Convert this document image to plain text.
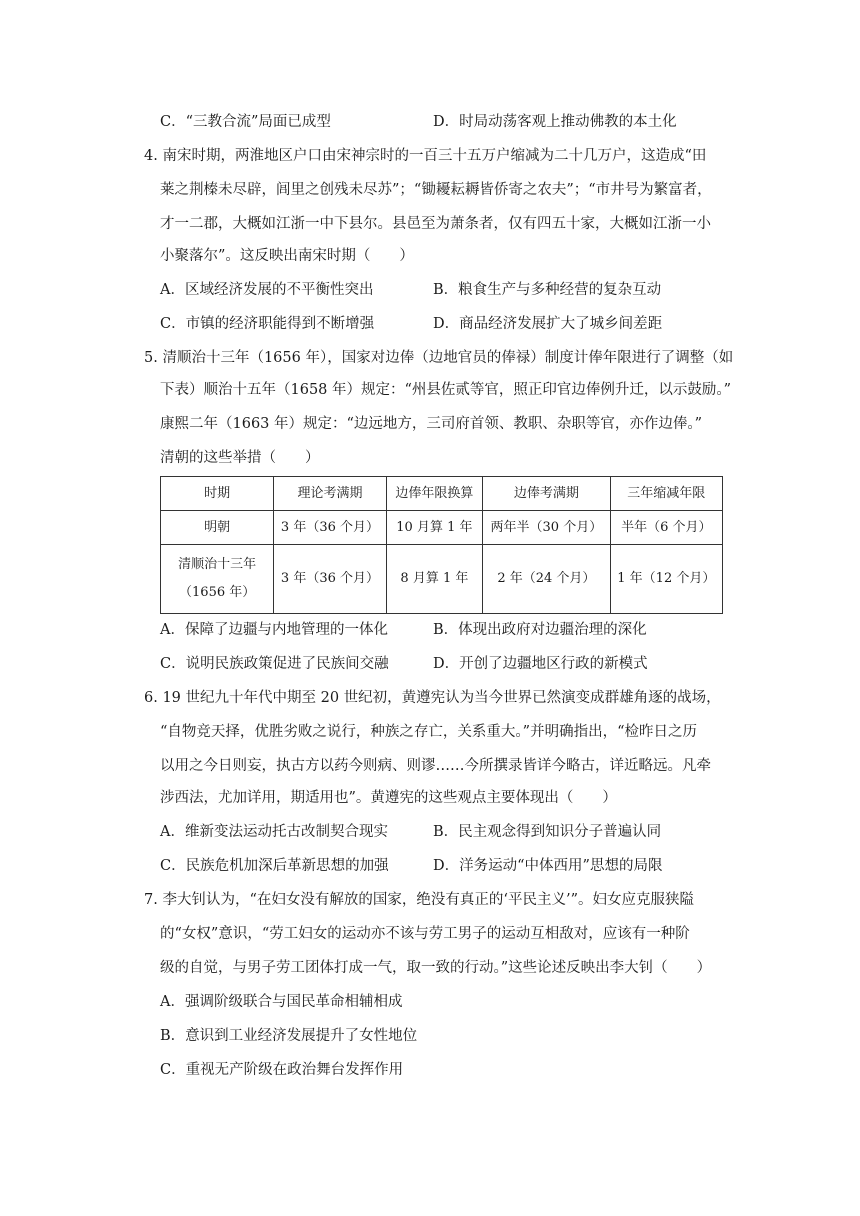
C．“三教合流”局面已成型	D．时局动荡客观上推动佛教的本土化
4. 南宋时期，两淮地区户口由宋神宗时的一百三十五万户缩减为二十几万户，这造成“田
莱之荆榛未尽辟，闾里之创残未尽苏”；“锄耰耘耨皆侨寄之农夫”；“市井号为繁富者，
才一二郡，大概如江浙一中下县尔。县邑至为萧条者，仅有四五十家，大概如江浙一小
小聚落尔”。这反映出南宋时期（　　）
A．区域经济发展的不平衡性突出	B．粮食生产与多种经营的复杂互动
C．市镇的经济职能得到不断增强	D．商品经济发展扩大了城乡间差距
5. 清顺治十三年（1656 年），国家对边俸（边地官员的俸禄）制度计俸年限进行了调整（如
下表）顺治十五年（1658 年）规定：“州县佐贰等官，照正印官边俸例升迁，以示鼓励。”
康熙二年（1663 年）规定：“边远地方，三司府首领、教职、杂职等官，亦作边俸。”
清朝的这些举措（　　）
时期	理论考满期	边俸年限换算	边俸考满期	三年缩减年限
明朝	3 年（36 个月）	10 月算 1 年	两年半（30 个月）	半年（6 个月）

清顺治十三年
（1656 年）	3 年（36 个月）	8 月算 1 年	2 年（24 个月）	1 年（12 个月）
A．保障了边疆与内地管理的一体化	B．体现出政府对边疆治理的深化
C．说明民族政策促进了民族间交融	D．开创了边疆地区行政的新模式
6. 19 世纪九十年代中期至 20 世纪初，黄遵宪认为当今世界已然演变成群雄角逐的战场，
“自物竞天择，优胜劣败之说行，种族之存亡，关系重大。”并明确指出，“检昨日之历
以用之今日则妄，执古方以药今则病、则谬……今所撰录皆详今略古，详近略远。凡牵
涉西法，尤加详用，期适用也”。黄遵宪的这些观点主要体现出（　　）
A．维新变法运动托古改制契合现实	B．民主观念得到知识分子普遍认同
C．民族危机加深后革新思想的加强	D．洋务运动“中体西用”思想的局限
7. 李大钊认为，“在妇女没有解放的国家，绝没有真正的‘平民主义’”。妇女应克服狭隘
的“女权”意识，“劳工妇女的运动亦不该与劳工男子的运动互相敌对，应该有一种阶
级的自觉，与男子劳工团体打成一气，取一致的行动。”这些论述反映出李大钊（　　）
A．强调阶级联合与国民革命相辅相成
B．意识到工业经济发展提升了女性地位
C．重视无产阶级在政治舞台发挥作用
